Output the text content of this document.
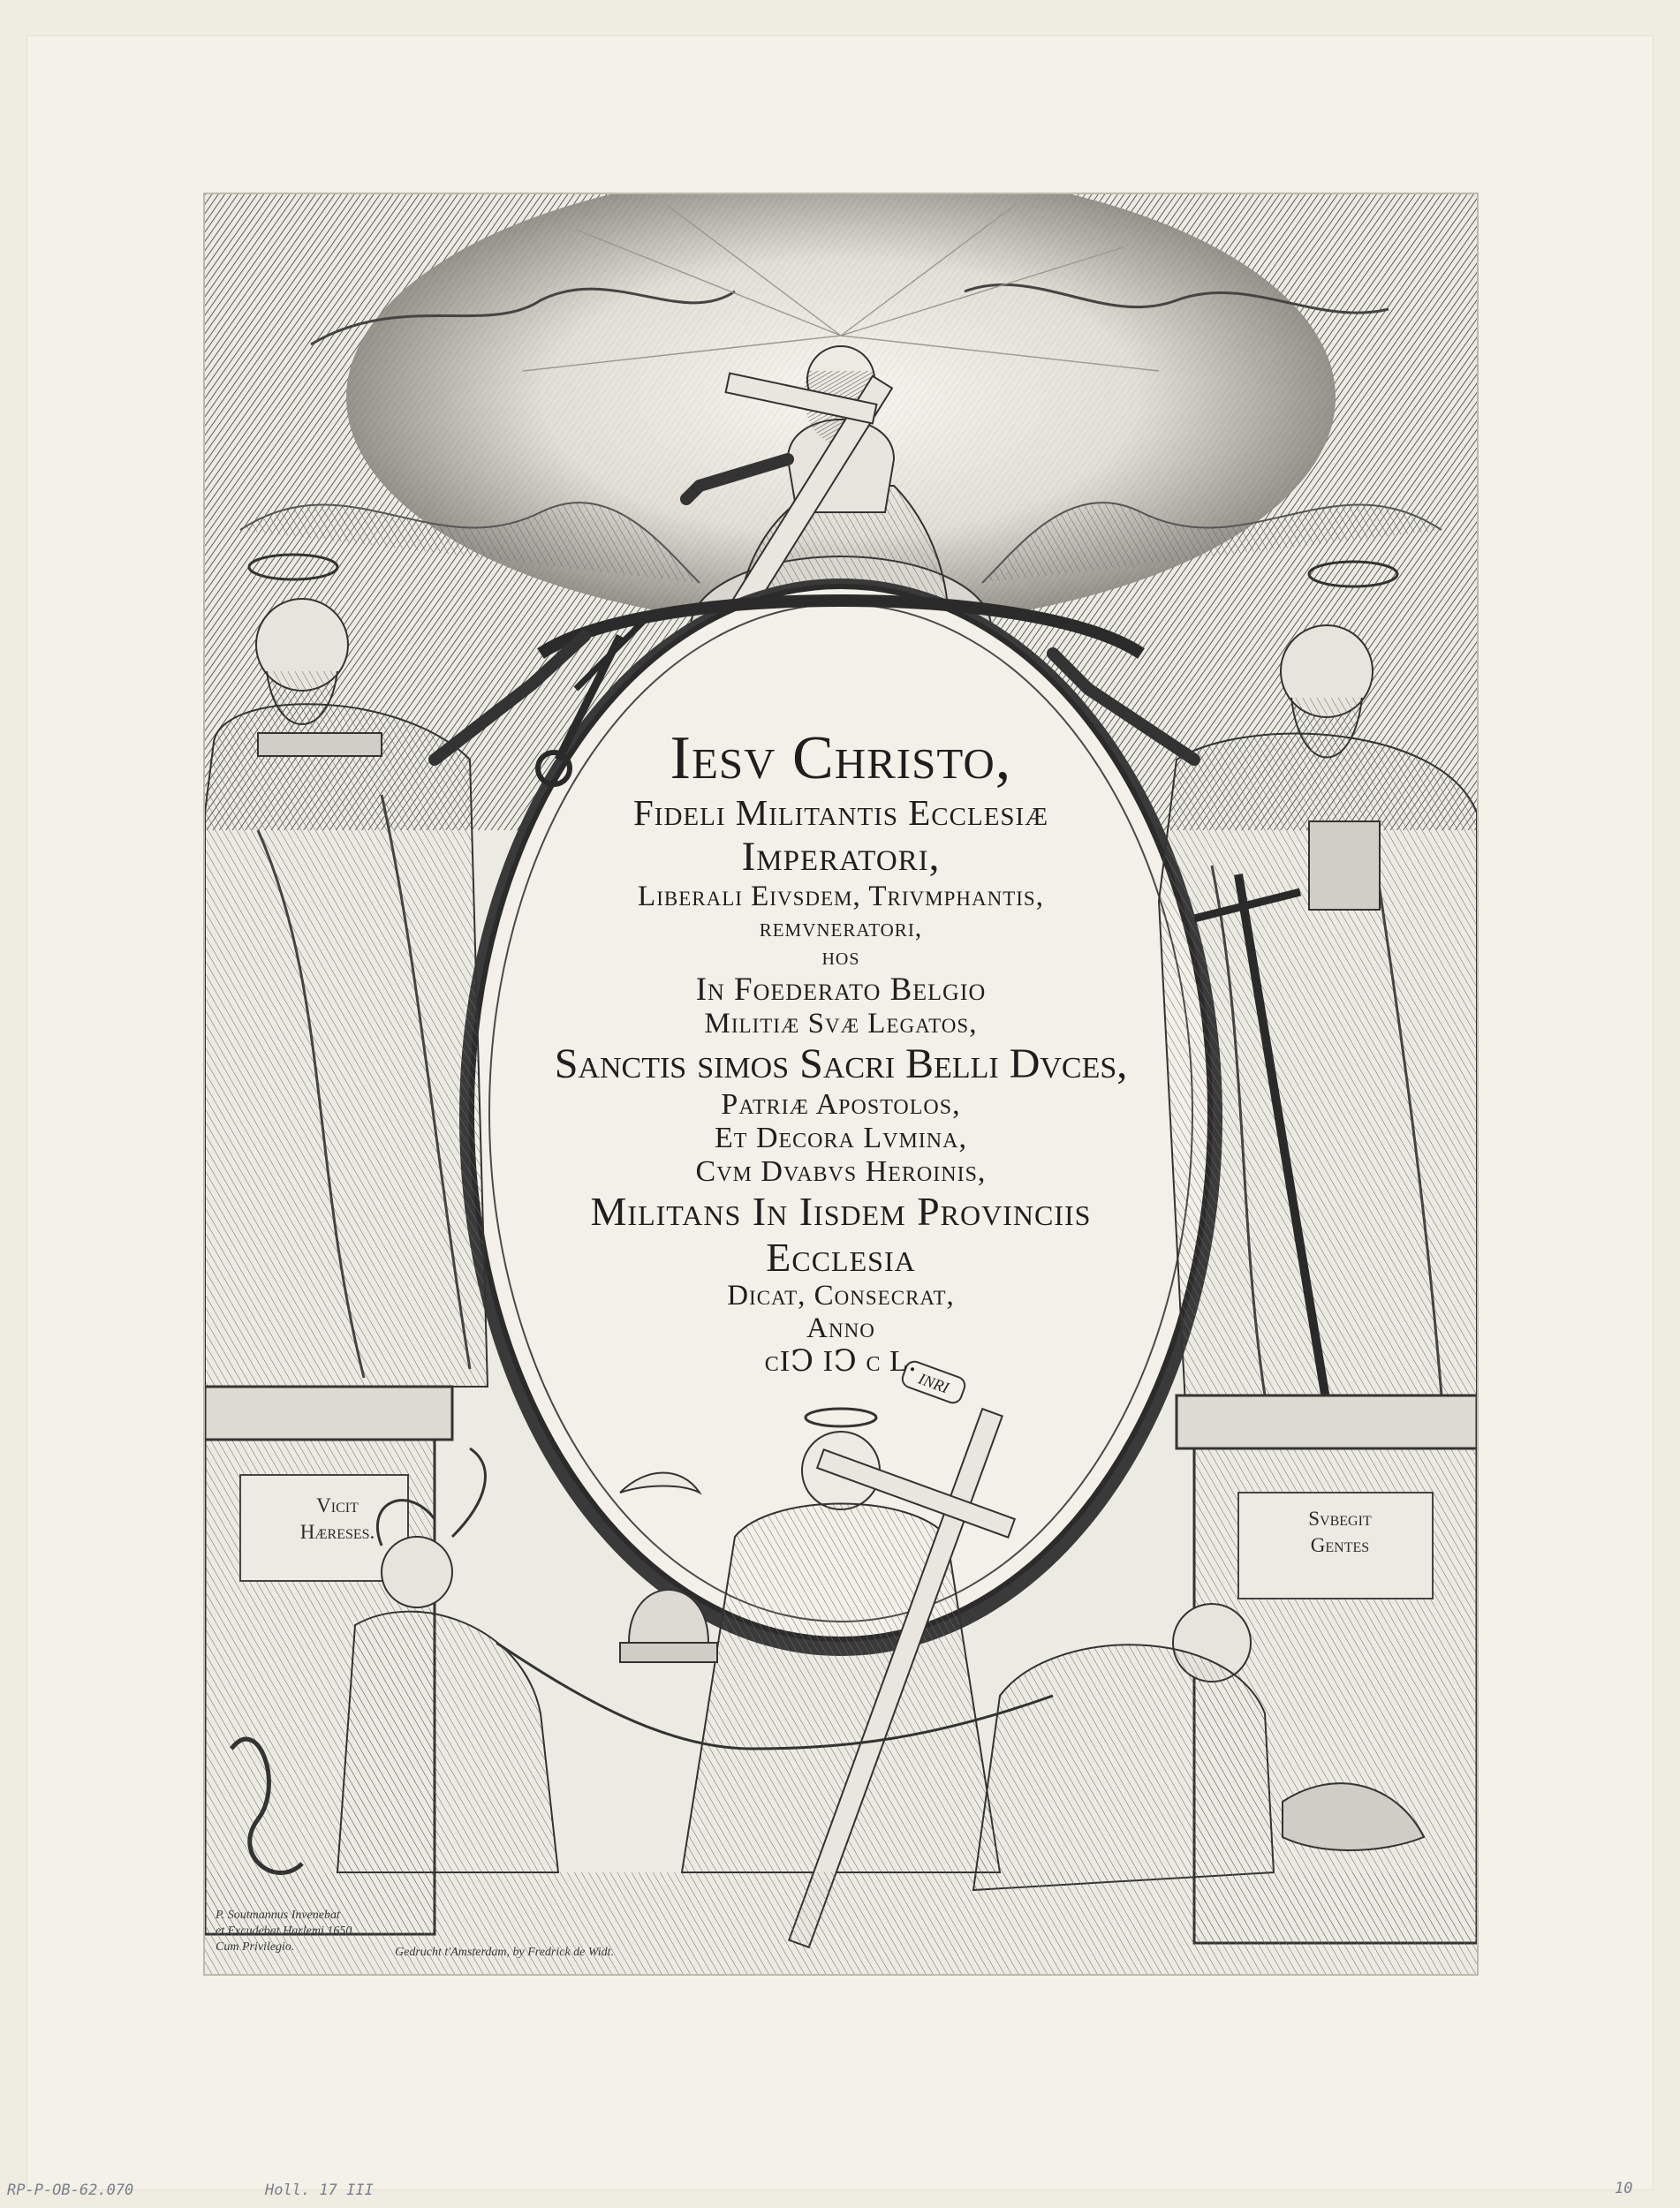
INRI
Iesv Christo,
Fideli Militantis Ecclesiæ
Imperatori,
Liberali Eivsdem, Trivmphantis,
remvneratori,
hos
In Foederato Belgio
Militiæ Svæ Legatos,
Sanctis simos Sacri Belli Dvces,
Patriæ Apostolos,
Et Decora Lvmina,
Cvm Dvabvs Heroinis,
Militans In Iisdem Provinciis
Ecclesia
Dicat, Consecrat,
Anno
cIↃ IↃ c L.
Vicit
Hæreses.
Svbegit
Gentes
P. Soutmannus Invenebat
et Excudebat Harlemi 1650.
Cum Privilegio.	Gedrucht t'Amsterdam, by Fredrick de Widt.
RP-P-OB-62.070	Holl. 17 III	10
